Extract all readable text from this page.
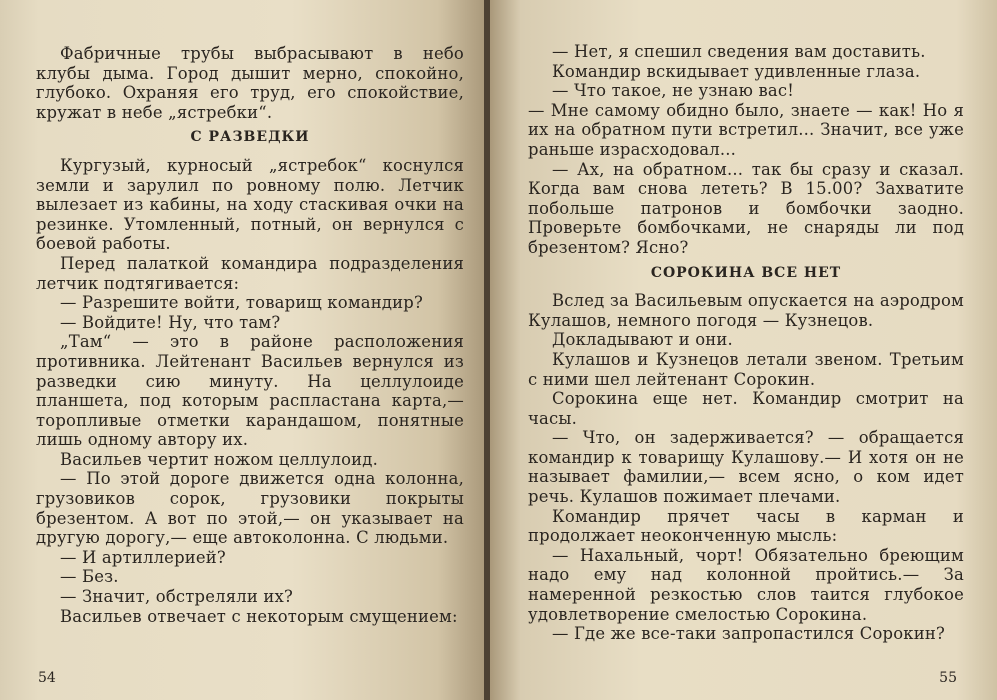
Фабричные трубы выбрасывают в небо клубы дыма. Город дышит мерно, спокойно, глубоко. Охраняя его труд, его спокойствие, кружат в небе „ястребки“.

С РАЗВЕДКИ

Кургузый, курносый „ястребок“ коснулся земли и зарулил по ровному полю. Летчик вылезает из кабины, на ходу стаскивая очки на резинке. Утомленный, потный, он вернулся с боевой работы.

Перед палаткой командира подразделения летчик подтягивается:

— Разрешите войти, товарищ командир?

— Войдите! Ну, что там?

„Там“ — это в районе расположения противника. Лейтенант Васильев вернулся из разведки сию минуту. На целлулоиде планшета, под которым распластана карта,— торопливые отметки карандашом, понятные лишь одному автору их.

Васильев чертит ножом целлулоид.

— По этой дороге движется одна колонна, грузовиков сорок, грузовики покрыты брезентом. А вот по этой,— он указывает на другую дорогу,— еще автоколонна. С людьми.

— И артиллерией?

— Без.

— Значит, обстреляли их?

Васильев отвечает с некоторым смущением:

54

— Нет, я спешил сведения вам доставить.

Командир вскидывает удивленные глаза.

— Что такое, не узнаю вас!

— Мне самому обидно было, знаете — как! Но я их на обратном пути встретил... Значит, все уже раньше израсходовал...

— Ах, на обратном... так бы сразу и сказал. Когда вам снова лететь? В 15.00? Захватите побольше патронов и бомбочки заодно. Проверьте бомбочками, не снаряды ли под брезентом? Ясно?

СОРОКИНА ВСЕ НЕТ

Вслед за Васильевым опускается на аэродром Кулашов, немного погодя — Кузнецов.

Докладывают и они.

Кулашов и Кузнецов летали звеном. Третьим с ними шел лейтенант Сорокин.

Сорокина еще нет. Командир смотрит на часы.

— Что, он задерживается? — обращается командир к товарищу Кулашову.— И хотя он не называет фамилии,— всем ясно, о ком идет речь. Кулашов пожимает плечами.

Командир прячет часы в карман и продолжает неоконченную мысль:

— Нахальный, чорт! Обязательно бреющим надо ему над колонной пройтись.— За намеренной резкостью слов таится глубокое удовлетворение смелостью Сорокина.

— Где же все-таки запропастился Сорокин?

55
